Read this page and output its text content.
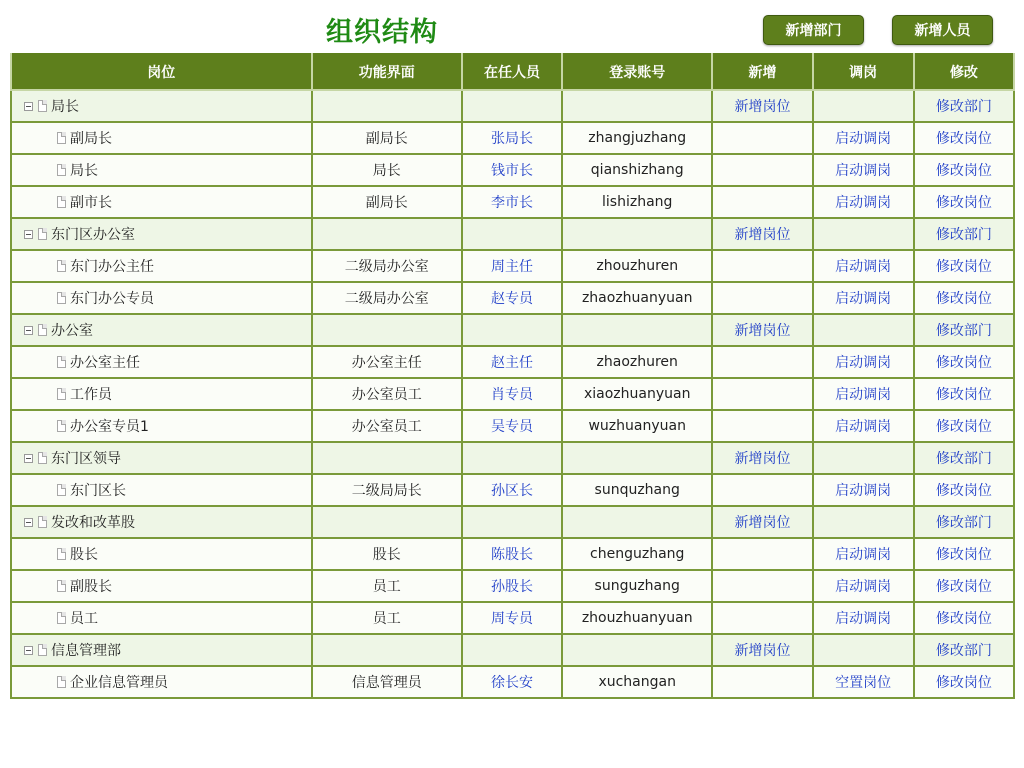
组织结构	新增部门	新增人员
岗位	功能界面	在任人员	登录账号	新增	调岗	修改
局长				新增岗位		修改部门
副局长	副局长	张局长	zhangjuzhang		启动调岗	修改岗位
局长	局长	钱市长	qianshizhang		启动调岗	修改岗位
副市长	副局长	李市长	lishizhang		启动调岗	修改岗位
东门区办公室				新增岗位		修改部门
东门办公主任	二级局办公室	周主任	zhouzhuren		启动调岗	修改岗位
东门办公专员	二级局办公室	赵专员	zhaozhuanyuan		启动调岗	修改岗位
办公室				新增岗位		修改部门
办公室主任	办公室主任	赵主任	zhaozhuren		启动调岗	修改岗位
工作员	办公室员工	肖专员	xiaozhuanyuan		启动调岗	修改岗位
办公室专员1	办公室员工	吴专员	wuzhuanyuan		启动调岗	修改岗位
东门区领导				新增岗位		修改部门
东门区长	二级局局长	孙区长	sunquzhang		启动调岗	修改岗位
发改和改革股				新增岗位		修改部门
股长	股长	陈股长	chenguzhang		启动调岗	修改岗位
副股长	员工	孙股长	sunguzhang		启动调岗	修改岗位
员工	员工	周专员	zhouzhuanyuan		启动调岗	修改岗位
信息管理部				新增岗位		修改部门
企业信息管理员	信息管理员	徐长安	xuchangan		空置岗位	修改岗位
